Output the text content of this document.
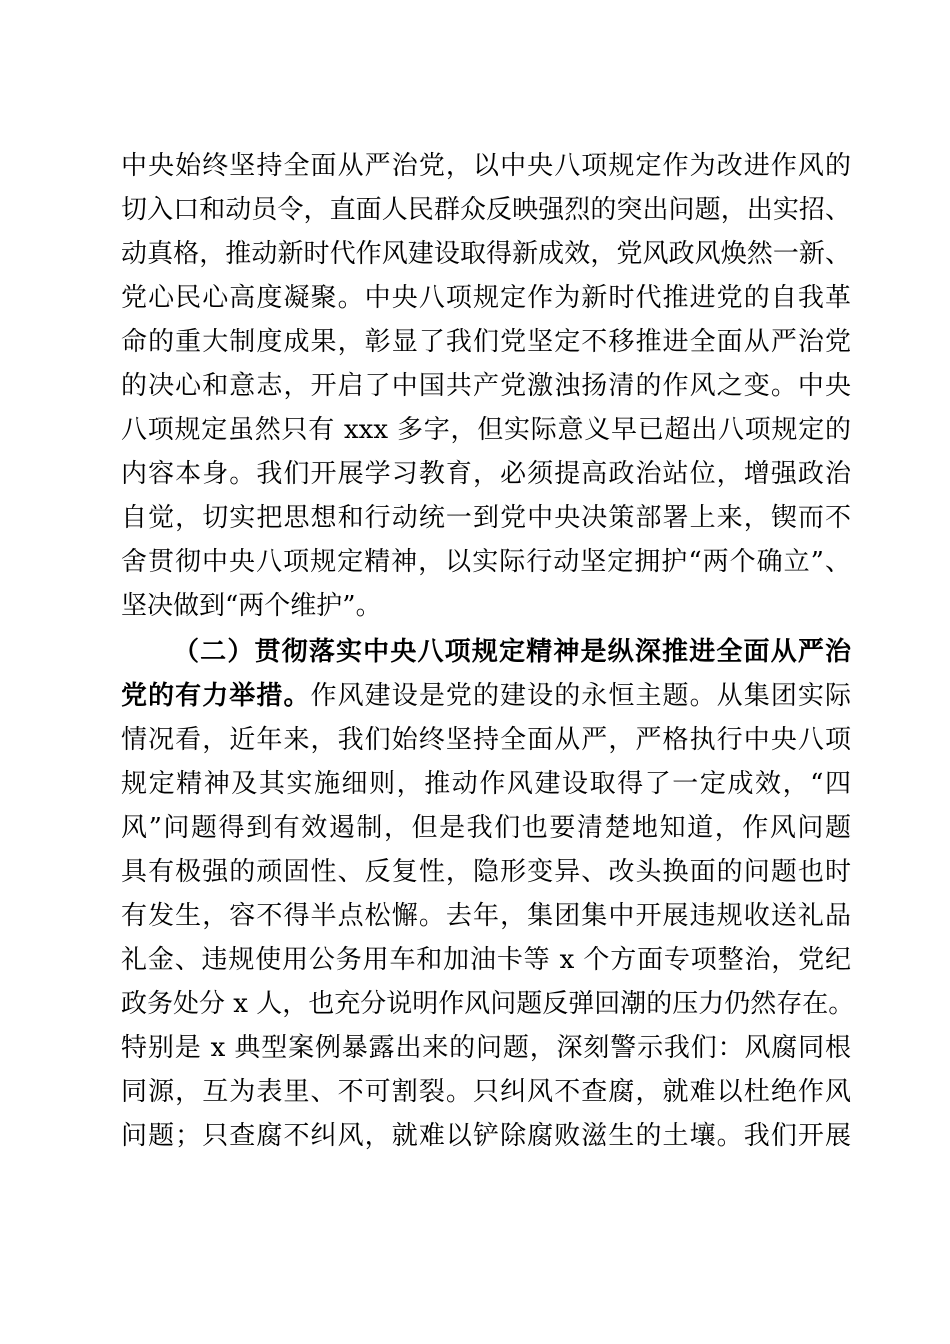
中央始终坚持全面从严治党，以中央八项规定作为改进作风的
切入口和动员令，直面人民群众反映强烈的突出问题，出实招、
动真格，推动新时代作风建设取得新成效，党风政风焕然一新、
党心民心高度凝聚。中央八项规定作为新时代推进党的自我革
命的重大制度成果，彰显了我们党坚定不移推进全面从严治党
的决心和意志，开启了中国共产党激浊扬清的作风之变。中央
八项规定虽然只有 xxx 多字，但实际意义早已超出八项规定的
内容本身。我们开展学习教育，必须提高政治站位，增强政治
自觉，切实把思想和行动统一到党中央决策部署上来，锲而不
舍贯彻中央八项规定精神，以实际行动坚定拥护“两个确立”、
坚决做到“两个维护”。
（二）贯彻落实中央八项规定精神是纵深推进全面从严治
党的有力举措。作风建设是党的建设的永恒主题。从集团实际
情况看，近年来，我们始终坚持全面从严，严格执行中央八项
规定精神及其实施细则，推动作风建设取得了一定成效，“四
风”问题得到有效遏制，但是我们也要清楚地知道，作风问题
具有极强的顽固性、反复性，隐形变异、改头换面的问题也时
有发生，容不得半点松懈。去年，集团集中开展违规收送礼品
礼金、违规使用公务用车和加油卡等 x 个方面专项整治，党纪
政务处分 x 人，也充分说明作风问题反弹回潮的压力仍然存在。
特别是 x 典型案例暴露出来的问题，深刻警示我们：风腐同根
同源，互为表里、不可割裂。只纠风不查腐，就难以杜绝作风
问题；只查腐不纠风，就难以铲除腐败滋生的土壤。我们开展
